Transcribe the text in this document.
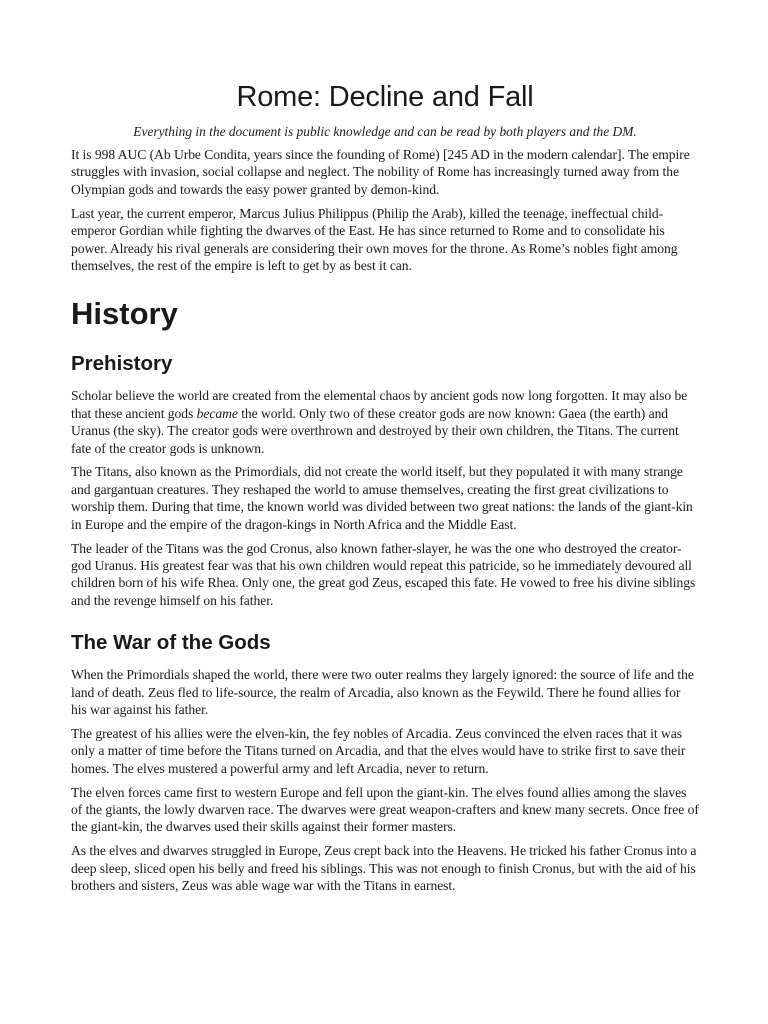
Rome: Decline and Fall
Everything in the document is public knowledge and can be read by both players and the DM.

It is 998 AUC (Ab Urbe Condita, years since the founding of Rome) [245 AD in the modern calendar]. The empire struggles with invasion, social collapse and neglect. The nobility of Rome has increasingly turned away from the Olympian gods and towards the easy power granted by demon-kind.

Last year, the current emperor, Marcus Julius Philippus (Philip the Arab), killed the teenage, ineffectual child-emperor Gordian while fighting the dwarves of the East. He has since returned to Rome and to consolidate his power. Already his rival generals are considering their own moves for the throne. As Rome’s nobles fight among themselves, the rest of the empire is left to get by as best it can.

History
Prehistory

Scholar believe the world are created from the elemental chaos by ancient gods now long forgotten. It may also be that these ancient gods became the world. Only two of these creator gods are now known: Gaea (the earth) and Uranus (the sky). The creator gods were overthrown and destroyed by their own children, the Titans. The current fate of the creator gods is unknown.

The Titans, also known as the Primordials, did not create the world itself, but they populated it with many strange and gargantuan creatures. They reshaped the world to amuse themselves, creating the first great civilizations to worship them. During that time, the known world was divided between two great nations: the lands of the giant-kin in Europe and the empire of the dragon-kings in North Africa and the Middle East.

The leader of the Titans was the god Cronus, also known father-slayer, he was the one who destroyed the creator-god Uranus. His greatest fear was that his own children would repeat this patricide, so he immediately devoured all children born of his wife Rhea. Only one, the great god Zeus, escaped this fate. He vowed to free his divine siblings and the revenge himself on his father.

The War of the Gods

When the Primordials shaped the world, there were two outer realms they largely ignored: the source of life and the land of death. Zeus fled to life-source, the realm of Arcadia, also known as the Feywild. There he found allies for his war against his father.

The greatest of his allies were the elven-kin, the fey nobles of Arcadia. Zeus convinced the elven races that it was only a matter of time before the Titans turned on Arcadia, and that the elves would have to strike first to save their homes. The elves mustered a powerful army and left Arcadia, never to return.

The elven forces came first to western Europe and fell upon the giant-kin. The elves found allies among the slaves of the giants, the lowly dwarven race. The dwarves were great weapon-crafters and knew many secrets. Once free of the giant-kin, the dwarves used their skills against their former masters.

As the elves and dwarves struggled in Europe, Zeus crept back into the Heavens. He tricked his father Cronus into a deep sleep, sliced open his belly and freed his siblings. This was not enough to finish Cronus, but with the aid of his brothers and sisters, Zeus was able wage war with the Titans in earnest.
